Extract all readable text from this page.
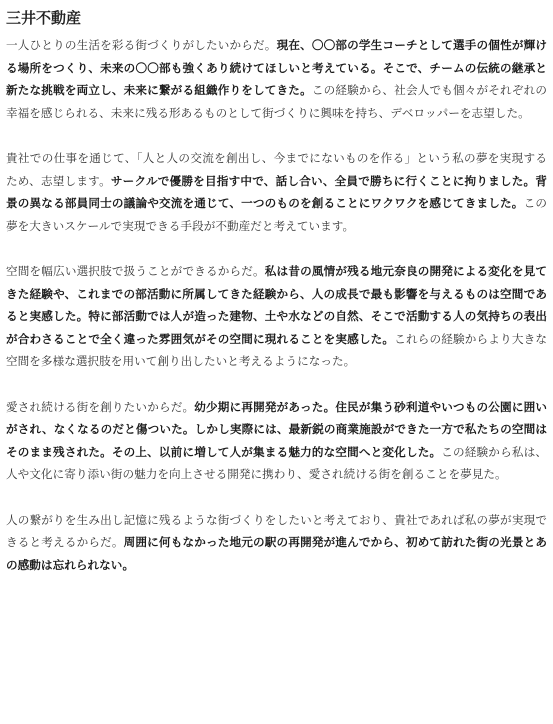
三井不動産
一人ひとりの生活を彩る街づくりがしたいからだ。現在、〇〇部の学生コーチとして選手の個性が輝ける場所をつくり、未来の〇〇部も強くあり続けてほしいと考えている。そこで、チームの伝統の継承と新たな挑戦を両立し、未来に繋がる組織作りをしてきた。この経験から、社会人でも個々がそれぞれの幸福を感じられる、未来に残る形あるものとして街づくりに興味を持ち、デベロッパーを志望した。
貴社での仕事を通じて、「人と人の交流を創出し、今までにないものを作る」という私の夢を実現するため、志望します。サークルで優勝を目指す中で、話し合い、全員で勝ちに行くことに拘りました。背景の異なる部員同士の議論や交流を通じて、一つのものを創ることにワクワクを感じてきました。この夢を大きいスケールで実現できる手段が不動産だと考えています。
空間を幅広い選択肢で扱うことができるからだ。私は昔の風情が残る地元奈良の開発による変化を見てきた経験や、これまでの部活動に所属してきた経験から、人の成長で最も影響を与えるものは空間であると実感した。特に部活動では人が造った建物、土や水などの自然、そこで活動する人の気持ちの表出が合わさることで全く違った雰囲気がその空間に現れることを実感した。これらの経験からより大きな空間を多様な選択肢を用いて創り出したいと考えるようになった。
愛され続ける街を創りたいからだ。幼少期に再開発があった。住民が集う砂利道やいつもの公園に囲いがされ、なくなるのだと傷ついた。しかし実際には、最新鋭の商業施設ができた一方で私たちの空間はそのまま残された。その上、以前に増して人が集まる魅力的な空間へと変化した。この経験から私は、人や文化に寄り添い街の魅力を向上させる開発に携わり、愛され続ける街を創ることを夢見た。
人の繋がりを生み出し記憶に残るような街づくりをしたいと考えており、貴社であれば私の夢が実現できると考えるからだ。周囲に何もなかった地元の駅の再開発が進んでから、初めて訪れた街の光景とあの感動は忘れられない。
